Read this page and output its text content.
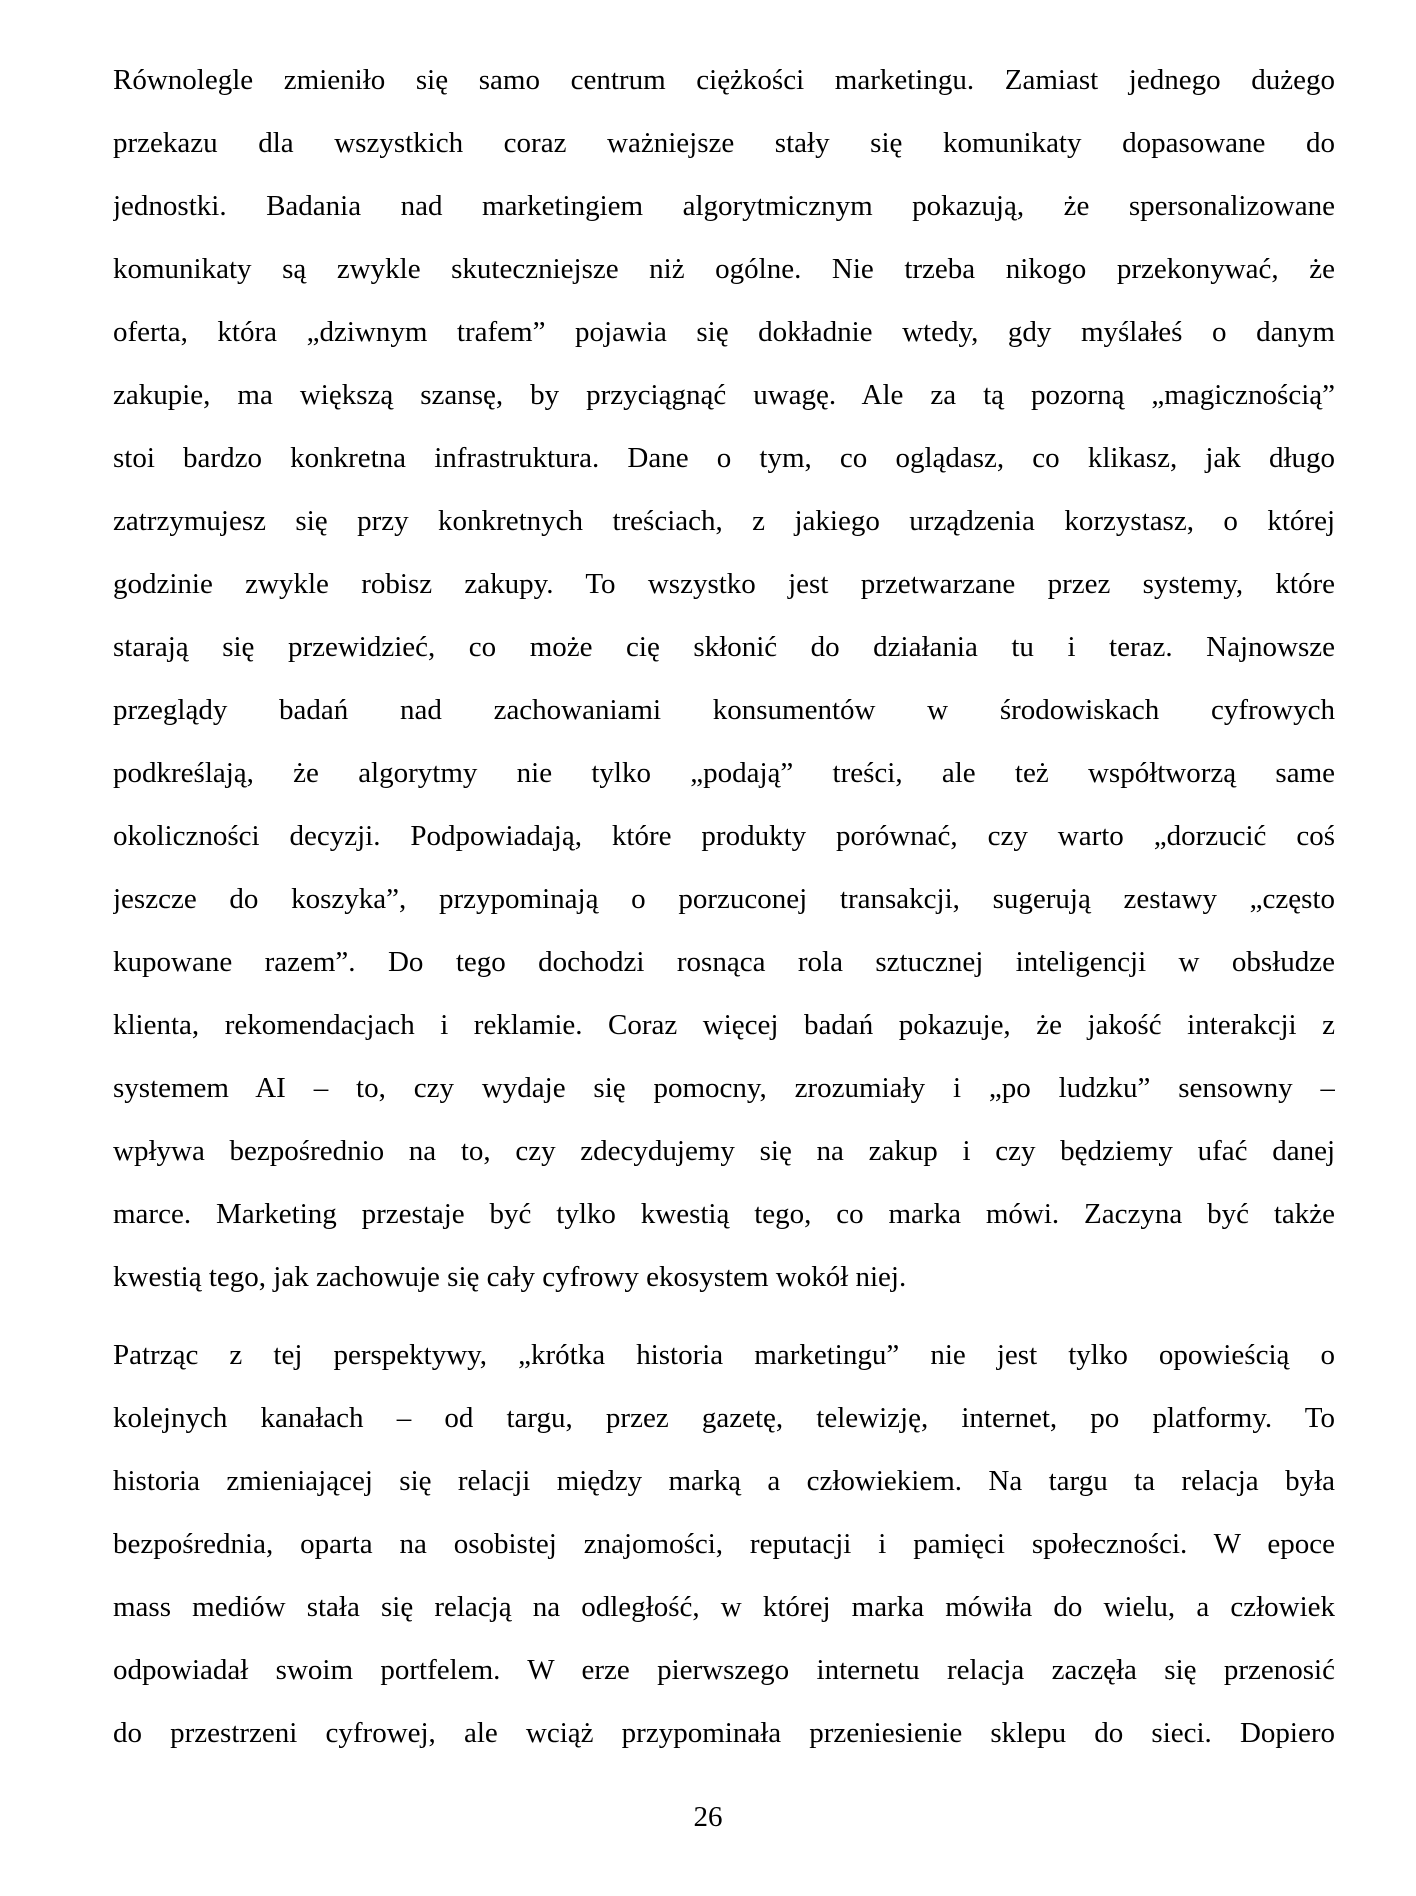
Równolegle zmieniło się samo centrum ciężkości marketingu. Zamiast jednego dużego
przekazu dla wszystkich coraz ważniejsze stały się komunikaty dopasowane do
jednostki. Badania nad marketingiem algorytmicznym pokazują, że spersonalizowane
komunikaty są zwykle skuteczniejsze niż ogólne. Nie trzeba nikogo przekonywać, że
oferta, która „dziwnym trafem” pojawia się dokładnie wtedy, gdy myślałeś o danym
zakupie, ma większą szansę, by przyciągnąć uwagę. Ale za tą pozorną „magicznością”
stoi bardzo konkretna infrastruktura. Dane o tym, co oglądasz, co klikasz, jak długo
zatrzymujesz się przy konkretnych treściach, z jakiego urządzenia korzystasz, o której
godzinie zwykle robisz zakupy. To wszystko jest przetwarzane przez systemy, które
starają się przewidzieć, co może cię skłonić do działania tu i teraz. Najnowsze
przeglądy badań nad zachowaniami konsumentów w środowiskach cyfrowych
podkreślają, że algorytmy nie tylko „podają” treści, ale też współtworzą same
okoliczności decyzji. Podpowiadają, które produkty porównać, czy warto „dorzucić coś
jeszcze do koszyka”, przypominają o porzuconej transakcji, sugerują zestawy „często
kupowane razem”. Do tego dochodzi rosnąca rola sztucznej inteligencji w obsłudze
klienta, rekomendacjach i reklamie. Coraz więcej badań pokazuje, że jakość interakcji z
systemem AI – to, czy wydaje się pomocny, zrozumiały i „po ludzku” sensowny –
wpływa bezpośrednio na to, czy zdecydujemy się na zakup i czy będziemy ufać danej
marce. Marketing przestaje być tylko kwestią tego, co marka mówi. Zaczyna być także
kwestią tego, jak zachowuje się cały cyfrowy ekosystem wokół niej.
Patrząc z tej perspektywy, „krótka historia marketingu” nie jest tylko opowieścią o
kolejnych kanałach – od targu, przez gazetę, telewizję, internet, po platformy. To
historia zmieniającej się relacji między marką a człowiekiem. Na targu ta relacja była
bezpośrednia, oparta na osobistej znajomości, reputacji i pamięci społeczności. W epoce
mass mediów stała się relacją na odległość, w której marka mówiła do wielu, a człowiek
odpowiadał swoim portfelem. W erze pierwszego internetu relacja zaczęła się przenosić
do przestrzeni cyfrowej, ale wciąż przypominała przeniesienie sklepu do sieci. Dopiero
26
